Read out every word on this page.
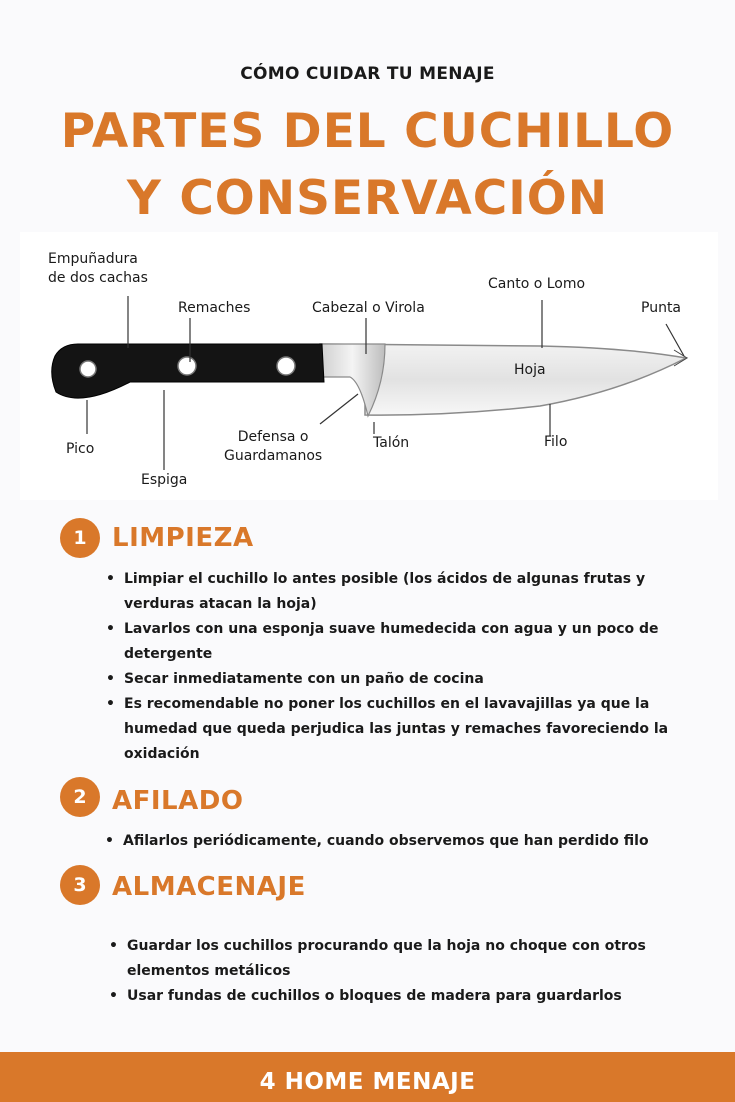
CÓMO CUIDAR TU MENAJE
PARTES DEL CUCHILLO
Y CONSERVACIÓN
Empuñadura
de dos cachas
Remaches	Cabezal o Virola
Canto o Lomo
Punta
Hoja
Pico
Espiga
Defensa o
Guardamanos
Talón	Filo
1 LIMPIEZA
• Limpiar el cuchillo lo antes posible (los ácidos de algunas frutas y verduras atacan la hoja)
• Lavarlos con una esponja suave humedecida con agua y un poco de detergente
• Secar inmediatamente con un paño de cocina
• Es recomendable no poner los cuchillos en el lavavajillas ya que la humedad que queda perjudica las juntas y remaches favoreciendo la oxidación
2 AFILADO
• Afilarlos periódicamente, cuando observemos que han perdido filo
3 ALMACENAJE
• Guardar los cuchillos procurando que la hoja no choque con otros elementos metálicos
• Usar fundas de cuchillos o bloques de madera para guardarlos
4 HOME MENAJE
